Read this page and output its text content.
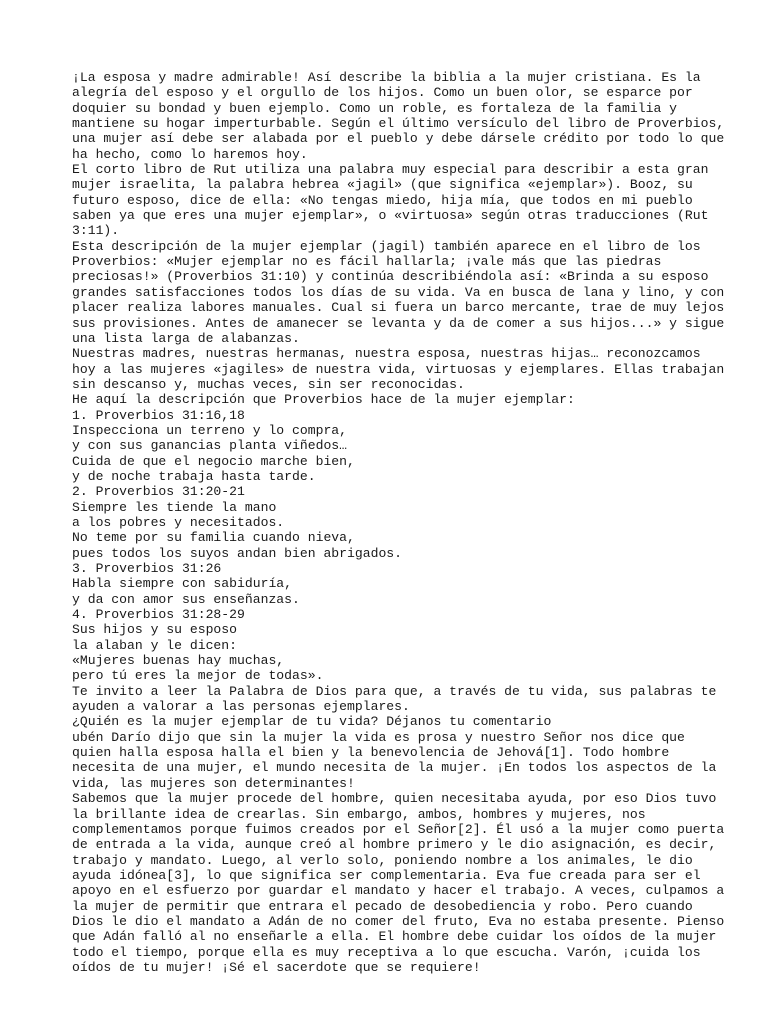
¡La esposa y madre admirable! Así describe la biblia a la mujer cristiana. Es la
alegría del esposo y el orgullo de los hijos. Como un buen olor, se esparce por
doquier su bondad y buen ejemplo. Como un roble, es fortaleza de la familia y
mantiene su hogar imperturbable. Según el último versículo del libro de Proverbios,
una mujer así debe ser alabada por el pueblo y debe dársele crédito por todo lo que
ha hecho, como lo haremos hoy.
El corto libro de Rut utiliza una palabra muy especial para describir a esta gran
mujer israelita, la palabra hebrea «jagil» (que significa «ejemplar»). Booz, su
futuro esposo, dice de ella: «No tengas miedo, hija mía, que todos en mi pueblo
saben ya que eres una mujer ejemplar», o «virtuosa» según otras traducciones (Rut
3:11).
Esta descripción de la mujer ejemplar (jagil) también aparece en el libro de los
Proverbios: «Mujer ejemplar no es fácil hallarla; ¡vale más que las piedras
preciosas!» (Proverbios 31:10) y continúa describiéndola así: «Brinda a su esposo
grandes satisfacciones todos los días de su vida. Va en busca de lana y lino, y con
placer realiza labores manuales. Cual si fuera un barco mercante, trae de muy lejos
sus provisiones. Antes de amanecer se levanta y da de comer a sus hijos...» y sigue
una lista larga de alabanzas.
Nuestras madres, nuestras hermanas, nuestra esposa, nuestras hijas… reconozcamos
hoy a las mujeres «jagiles» de nuestra vida, virtuosas y ejemplares. Ellas trabajan
sin descanso y, muchas veces, sin ser reconocidas.
He aquí la descripción que Proverbios hace de la mujer ejemplar:
1. Proverbios 31:16,18
Inspecciona un terreno y lo compra,
y con sus ganancias planta viñedos…
Cuida de que el negocio marche bien,
y de noche trabaja hasta tarde.
2. Proverbios 31:20-21
Siempre les tiende la mano
a los pobres y necesitados.
No teme por su familia cuando nieva,
pues todos los suyos andan bien abrigados.
3. Proverbios 31:26
Habla siempre con sabiduría,
y da con amor sus enseñanzas.
4. Proverbios 31:28-29
Sus hijos y su esposo
la alaban y le dicen:
«Mujeres buenas hay muchas,
pero tú eres la mejor de todas».
Te invito a leer la Palabra de Dios para que, a través de tu vida, sus palabras te
ayuden a valorar a las personas ejemplares.
¿Quién es la mujer ejemplar de tu vida? Déjanos tu comentario
ubén Darío dijo que sin la mujer la vida es prosa y nuestro Señor nos dice que
quien halla esposa halla el bien y la benevolencia de Jehová[1]. Todo hombre
necesita de una mujer, el mundo necesita de la mujer. ¡En todos los aspectos de la
vida, las mujeres son determinantes!
Sabemos que la mujer procede del hombre, quien necesitaba ayuda, por eso Dios tuvo
la brillante idea de crearlas. Sin embargo, ambos, hombres y mujeres, nos
complementamos porque fuimos creados por el Señor[2]. Él usó a la mujer como puerta
de entrada a la vida, aunque creó al hombre primero y le dio asignación, es decir,
trabajo y mandato. Luego, al verlo solo, poniendo nombre a los animales, le dio
ayuda idónea[3], lo que significa ser complementaria. Eva fue creada para ser el
apoyo en el esfuerzo por guardar el mandato y hacer el trabajo. A veces, culpamos a
la mujer de permitir que entrara el pecado de desobediencia y robo. Pero cuando
Dios le dio el mandato a Adán de no comer del fruto, Eva no estaba presente. Pienso
que Adán falló al no enseñarle a ella. El hombre debe cuidar los oídos de la mujer
todo el tiempo, porque ella es muy receptiva a lo que escucha. Varón, ¡cuida los
oídos de tu mujer! ¡Sé el sacerdote que se requiere!
